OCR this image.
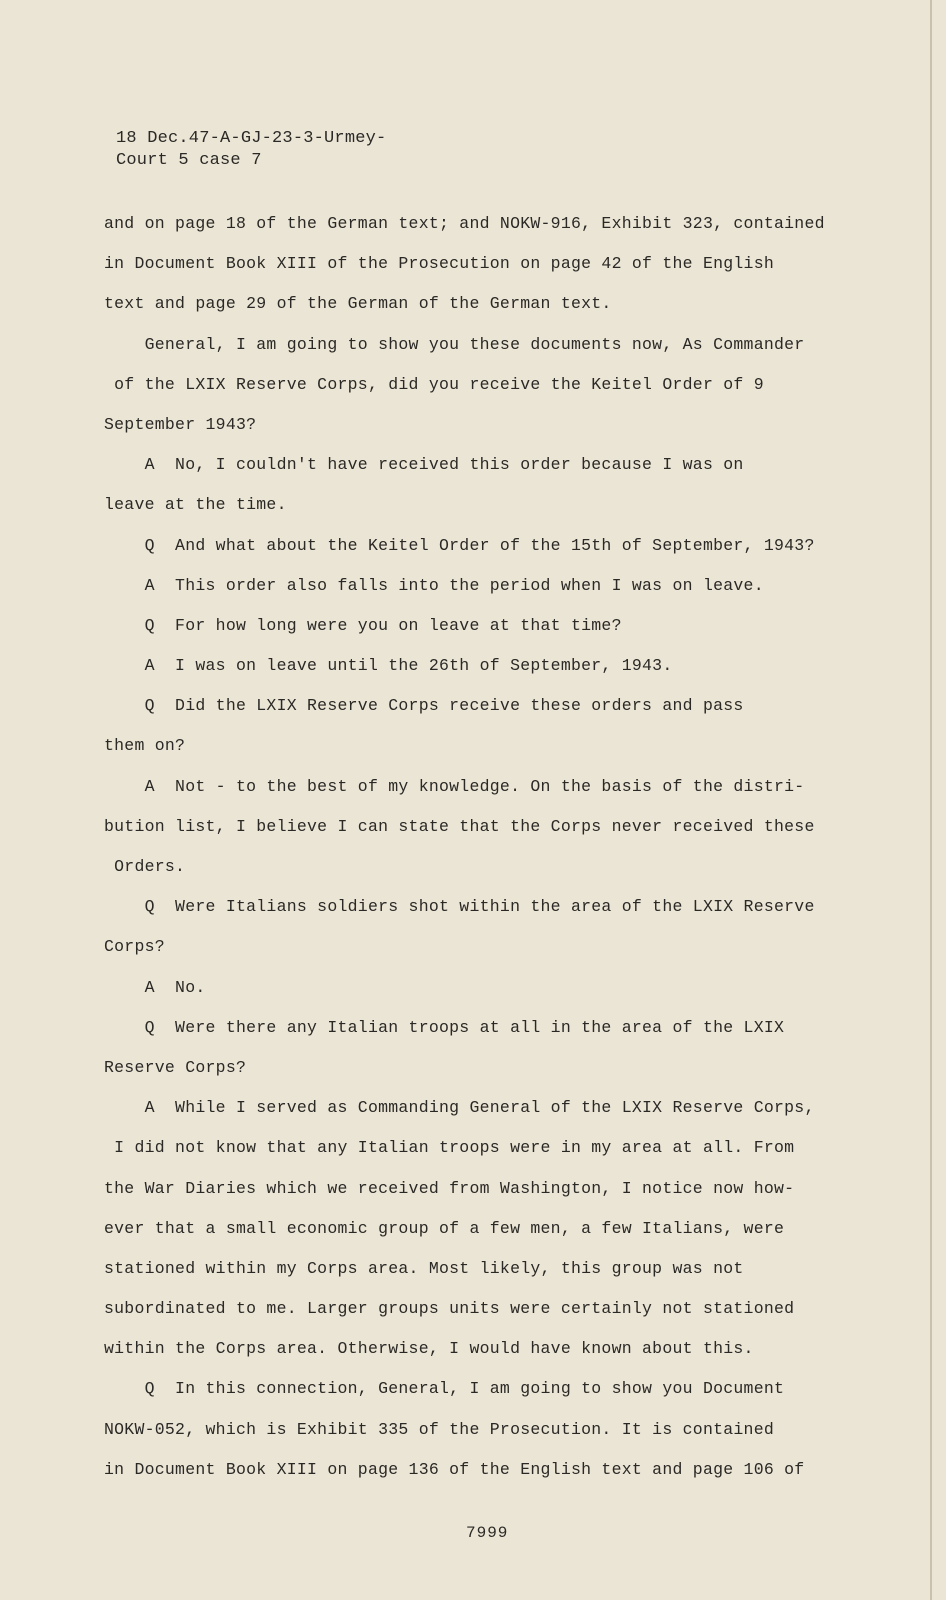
18 Dec.47-A-GJ-23-3-Urmey-
Court 5 case 7
and on page 18 of the German text; and NOKW-916, Exhibit 323, contained
in Document Book XIII of the Prosecution on page 42 of the English
text and page 29 of the German of the German text.
General, I am going to show you these documents now, As Commander
of the LXIX Reserve Corps, did you receive the Keitel Order of 9
September 1943?
A  No, I couldn't have received this order because I was on
leave at the time.
Q  And what about the Keitel Order of the 15th of September, 1943?
A  This order also falls into the period when I was on leave.
Q  For how long were you on leave at that time?
A  I was on leave until the 26th of September, 1943.
Q  Did the LXIX Reserve Corps receive these orders and pass
them on?
A  Not - to the best of my knowledge. On the basis of the distri-
bution list, I believe I can state that the Corps never received these
Orders.
Q  Were Italians soldiers shot within the area of the LXIX Reserve
Corps?
A  No.
Q  Were there any Italian troops at all in the area of the LXIX
Reserve Corps?
A  While I served as Commanding General of the LXIX Reserve Corps,
I did not know that any Italian troops were in my area at all. From
the War Diaries which we received from Washington, I notice now how-
ever that a small economic group of a few men, a few Italians, were
stationed within my Corps area. Most likely, this group was not
subordinated to me. Larger groups units were certainly not stationed
within the Corps area. Otherwise, I would have known about this.
Q  In this connection, General, I am going to show you Document
NOKW-052, which is Exhibit 335 of the Prosecution. It is contained
in Document Book XIII on page 136 of the English text and page 106 of
7999
